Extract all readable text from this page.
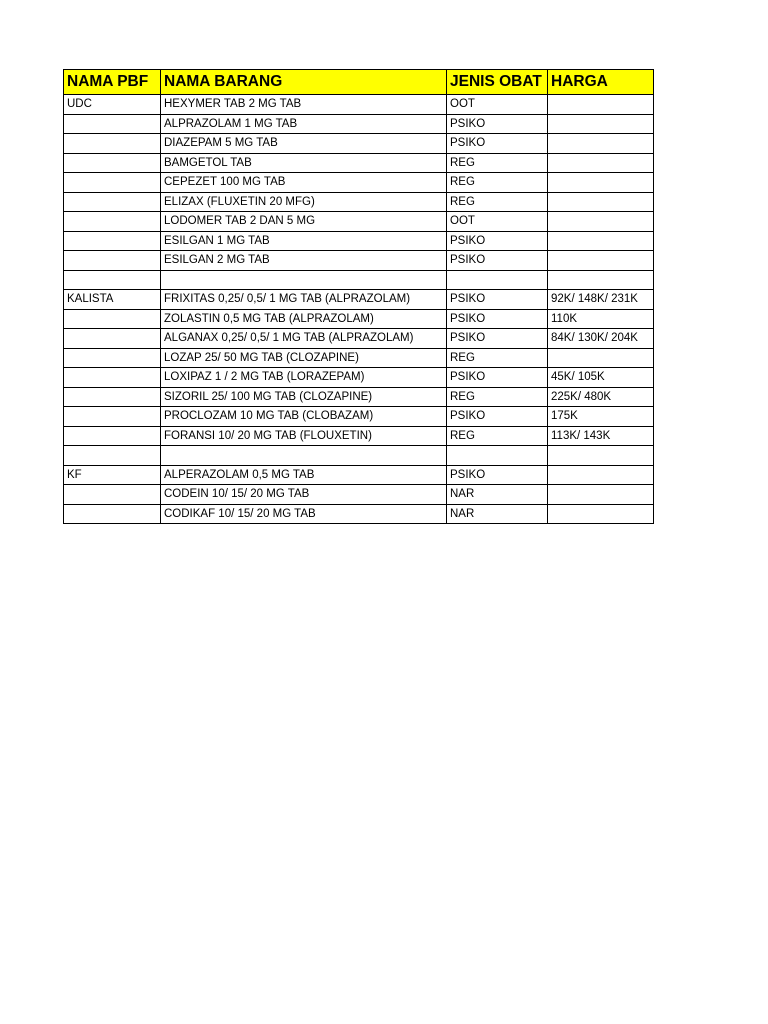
NAMA PBF	NAMA BARANG	JENIS OBAT	HARGA
UDC	HEXYMER TAB 2 MG TAB	OOT	
	ALPRAZOLAM 1 MG TAB	PSIKO	
	DIAZEPAM 5 MG TAB	PSIKO	
	BAMGETOL TAB	REG	
	CEPEZET 100 MG TAB	REG	
	ELIZAX (FLUXETIN 20 MFG)	REG	
	LODOMER TAB 2 DAN 5 MG	OOT	
	ESILGAN 1 MG TAB	PSIKO	
	ESILGAN 2 MG TAB	PSIKO	

KALISTA	FRIXITAS 0,25/ 0,5/ 1 MG TAB (ALPRAZOLAM)	PSIKO	92K/ 148K/ 231K
	ZOLASTIN 0,5 MG TAB (ALPRAZOLAM)	PSIKO	110K
	ALGANAX 0,25/ 0,5/ 1 MG TAB (ALPRAZOLAM)	PSIKO	84K/ 130K/ 204K
	LOZAP 25/ 50 MG TAB (CLOZAPINE)	REG	
	LOXIPAZ 1 / 2 MG TAB (LORAZEPAM)	PSIKO	45K/ 105K
	SIZORIL 25/ 100 MG TAB (CLOZAPINE)	REG	225K/ 480K
	PROCLOZAM 10 MG TAB (CLOBAZAM)	PSIKO	175K
	FORANSI 10/ 20 MG TAB (FLOUXETIN)	REG	113K/ 143K

KF	ALPERAZOLAM 0,5 MG TAB	PSIKO	
	CODEIN 10/ 15/ 20 MG TAB	NAR	
	CODIKAF 10/ 15/ 20 MG TAB	NAR	
